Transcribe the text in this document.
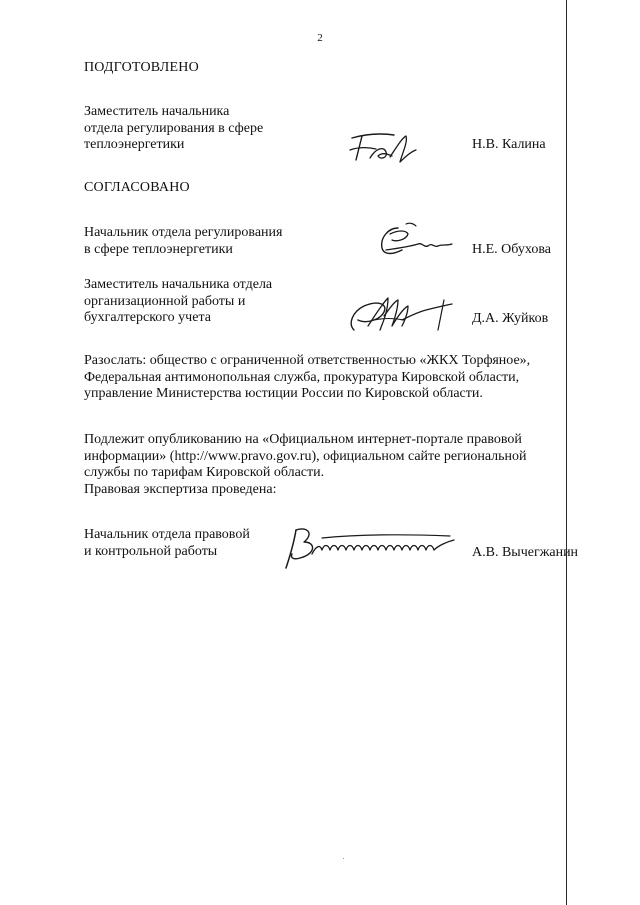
2
ПОДГОТОВЛЕНО
Заместитель начальника
отдела регулирования в сфере
теплоэнергетики	Н.В. Калина
СОГЛАСОВАНО
Начальник отдела регулирования
в сфере теплоэнергетики	Н.Е. Обухова
Заместитель начальника отдела
организационной работы и
бухгалтерского учета	Д.А. Жуйков
Разослать: общество с ограниченной ответственностью «ЖКХ Торфяное»,
Федеральная антимонопольная служба, прокуратура Кировской области,
управление Министерства юстиции России по Кировской области.
Подлежит опубликованию на «Официальном интернет-портале правовой
информации» (http://www.pravo.gov.ru), официальном сайте региональной
службы по тарифам Кировской области.
Правовая экспертиза проведена:
Начальник отдела правовой
и контрольной работы	А.В. Вычегжанин
